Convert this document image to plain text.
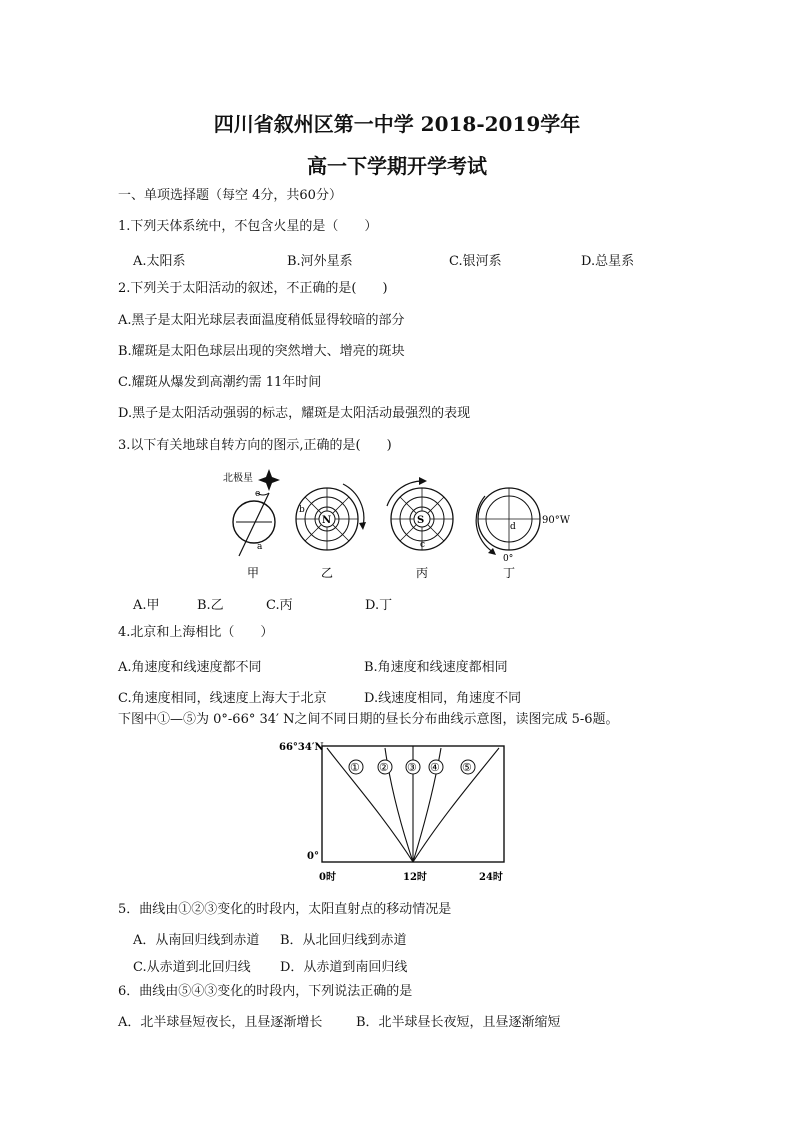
四川省叙州区第一中学 2018-2019学年
高一下学期开学考试
一、单项选择题（每空 4分，共60分）
1.下列天体系统中，不包含火星的是（　　）
A.太阳系	B.河外星系	C.银河系	D.总星系
2.下列关于太阳活动的叙述，不正确的是(　　)
A.黑子是太阳光球层表面温度稍低显得较暗的部分
B.耀斑是太阳色球层出现的突然增大、增亮的斑块
C.耀斑从爆发到高潮约需 11年时间
D.黑子是太阳活动强弱的标志，耀斑是太阳活动最强烈的表现
3.以下有关地球自转方向的图示,正确的是(　　)
北极星
e
a
甲
N
b
乙
S
c
丙
d
90°W
0°
丁
A.甲	B.乙	C.丙	D.丁
4.北京和上海相比（　　）
A.角速度和线速度都不同	B.角速度和线速度都相同
C.角速度相同，线速度上海大于北京	D.线速度相同，角速度不同
下图中①—⑤为 0°-66° 34′ N之间不同日期的昼长分布曲线示意图，读图完成 5-6题。
66°34′N
0°
① ② ③ ④ ⑤
0时	12时	24时
5．曲线由①②③变化的时段内，太阳直射点的移动情况是
A．从南回归线到赤道 B．从北回归线到赤道
C.从赤道到北回归线 D．从赤道到南回归线
6．曲线由⑤④③变化的时段内，下列说法正确的是
A．北半球昼短夜长，且昼逐渐增长	B．北半球昼长夜短，且昼逐渐缩短
